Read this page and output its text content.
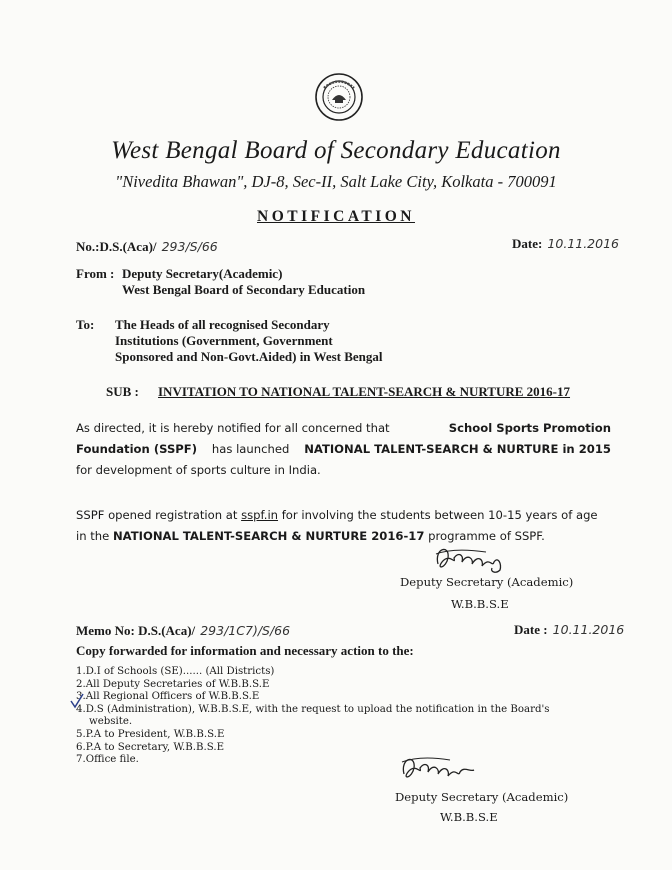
West Bengal Board of Secondary Education
"Nivedita Bhawan", DJ-8, Sec-II, Salt Lake City, Kolkata - 700091
NOTIFICATION
No.:D.S.(Aca)/ 293/S/66	Date: 10.11.2016
From : Deputy Secretary(Academic)
West Bengal Board of Secondary Education
To: The Heads of all recognised Secondary
Institutions (Government, Government
Sponsored and Non-Govt.Aided) in West Bengal
SUB : INVITATION TO NATIONAL TALENT-SEARCH & NURTURE 2016-17
As directed, it is hereby notified for all concerned that	School Sports Promotion
Foundation (SSPF) has launched NATIONAL TALENT-SEARCH & NURTURE in 2015
for development of sports culture in India.
SSPF opened registration at sspf.in for involving the students between 10-15 years of age
in the NATIONAL TALENT-SEARCH & NURTURE 2016-17 programme of SSPF.
Deputy Secretary (Academic)
W.B.B.S.E
Memo No: D.S.(Aca)/ 293/1C7)/S/66	Date : 10.11.2016
Copy forwarded for information and necessary action to the:
1.D.I of Schools (SE)...... (All Districts)
2.All Deputy Secretaries of W.B.B.S.E
3.All Regional Officers of W.B.B.S.E
4.D.S (Administration), W.B.B.S.E, with the request to upload the notification in the Board's
website.
5.P.A to President, W.B.B.S.E
6.P.A to Secretary, W.B.B.S.E
7.Office file.
Deputy Secretary (Academic)
W.B.B.S.E
